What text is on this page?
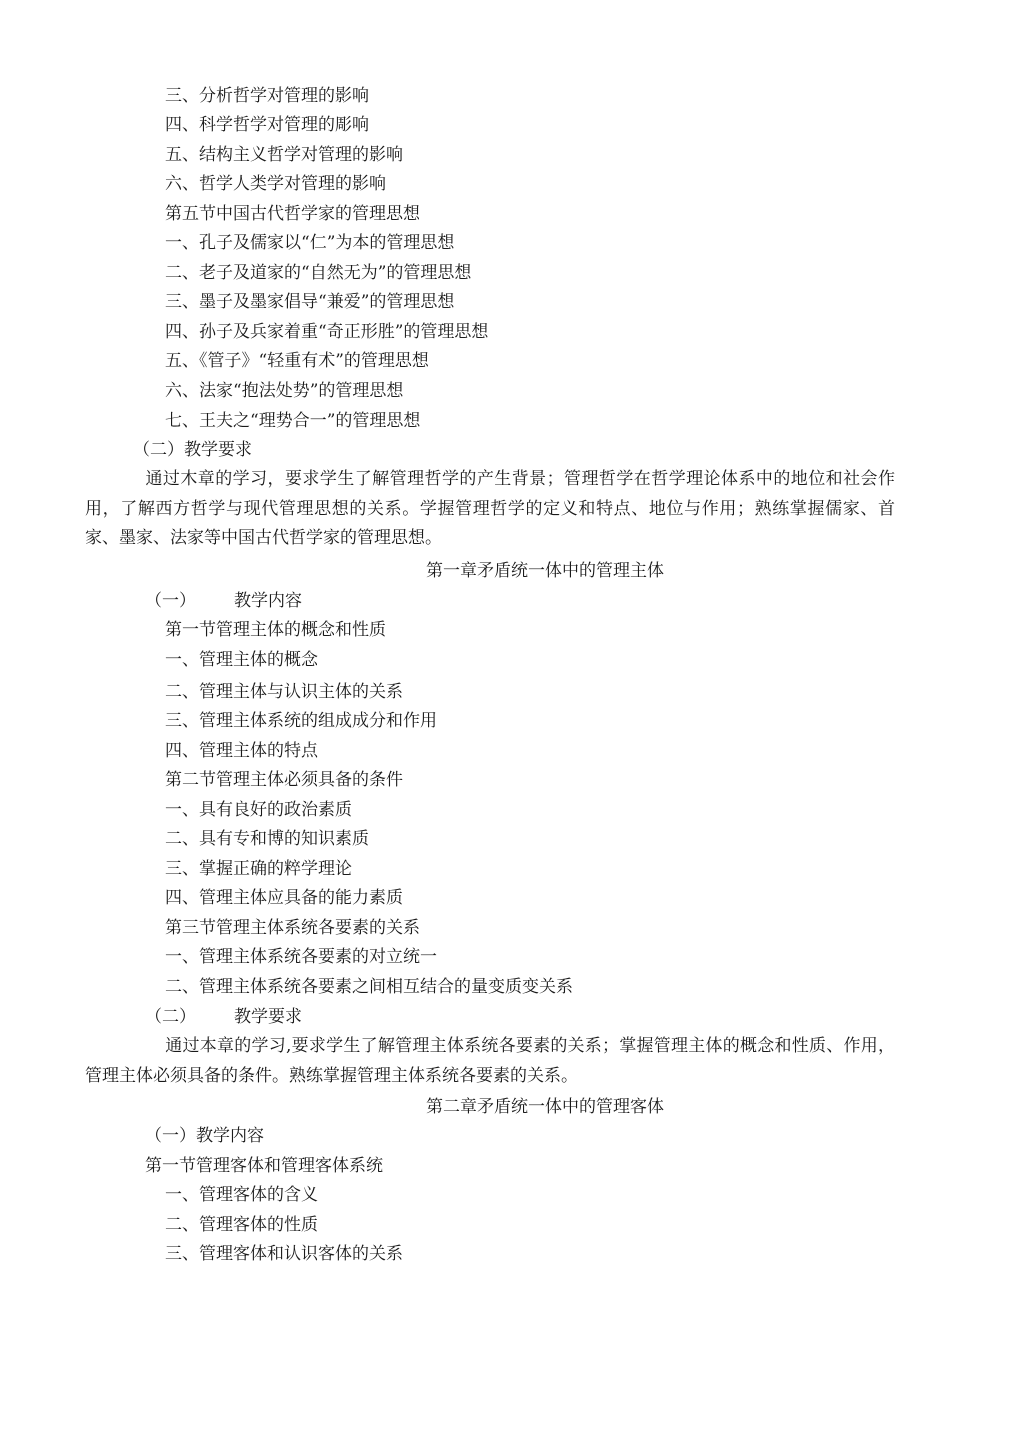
三、分析哲学对管理的影响
四、科学哲学对管理的彫响
五、结构主义哲学对管理的影响
六、哲学人类学对管理的影响
第五节中国古代哲学家的管理思想
一、孔子及儒家以“仁”为本的管理思想
二、老子及道家的“自然无为”的管理思想
三、墨子及墨家倡导“兼爱”的管理思想
四、孙子及兵家着重“奇正形胜”的管理思想
五、《管子》“轻重有术”的管理思想
六、法家“抱法处势”的管理思想
七、王夫之“理势合一”的管理思想
（二）教学要求
通过木章的学习，要求学生了解管理哲学的产生背景；管理哲学在哲学理论体系中的地位和社会作用，了解西方哲学与现代管理思想的关系。学握管理哲学的定义和特点、地位与作用；熟练掌握儒家、首家、墨家、法家等中国古代哲学家的管理思想。
第一章矛盾统一体中的管理主体
（一） 教学内容
第一节管理主体的概念和性质
一、管理主体的概念
二、管理主体与认识主体的关系
三、管理主体系统的组成成分和作用
四、管理主体的特点
第二节管理主体必须具备的条件
一、具有良好的政治素质
二、具有专和博的知识素质
三、掌握正确的粹学理论
四、管理主体应具备的能力素质
第三节管理主体系统各要素的关系
一、管理主体系统各要素的对立统一
二、管理主体系统各要素之间相互结合的量变质变关系
（二） 教学要求
通过本章的学习,要求学生了解管理主体系统各要素的关系；掌握管理主体的概念和性质、作用，管理主体必须具备的条件。熟练掌握管理主体系统各要素的关系。
第二章矛盾统一体中的管理客体
（一）教学内容
第一节管理客体和管理客体系统
一、管理客体的含义
二、管理客体的性质
三、管理客体和认识客体的关系
